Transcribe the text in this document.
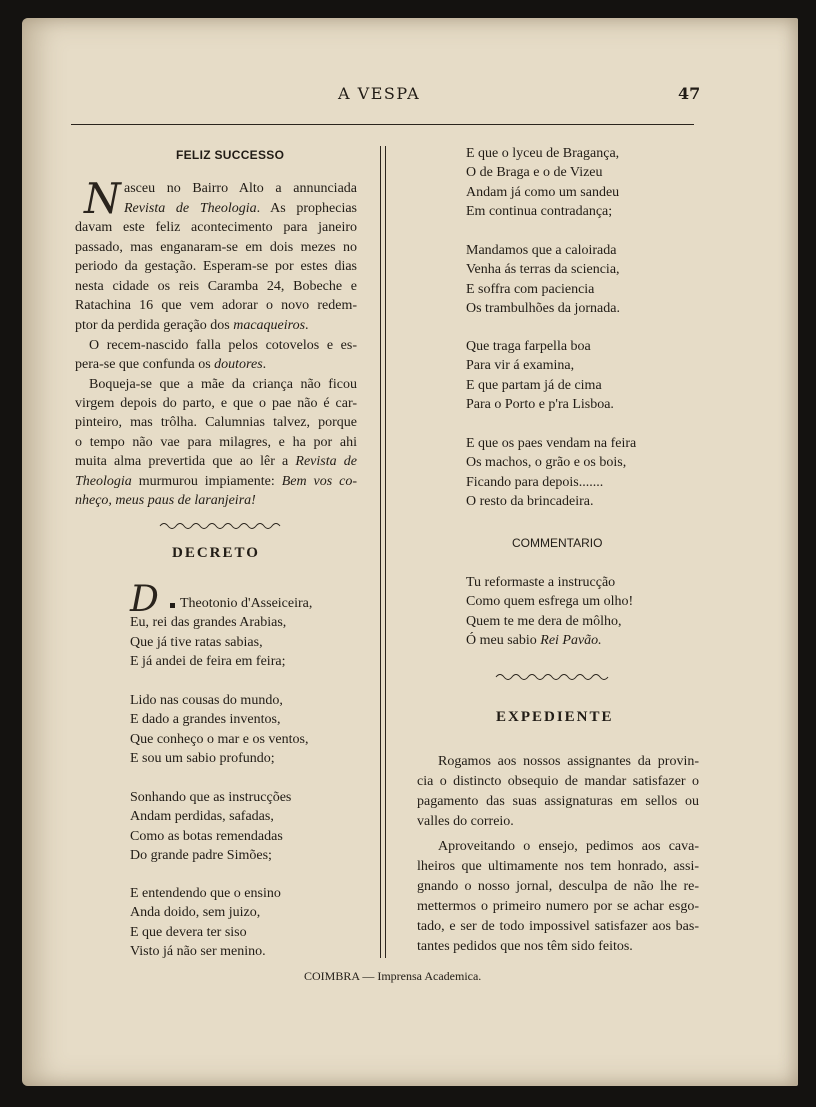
A VESPA	47
FELIZ SUCCESSO
N asceu no Bairro Alto a annunciada
Revista de Theologia. As prophecias
davam este feliz acontecimento para janeiro
passado, mas enganaram-se em dois mezes no
periodo da gestação. Esperam-se por estes dias
nesta cidade os reis Caramba 24, Bobeche e
Ratachina 16 que vem adorar o novo redem-
ptor da perdida geração dos macaqueiros.
O recem-nascido falla pelos cotovelos e es-
pera-se que confunda os doutores.
Boqueja-se que a mãe da criança não ficou
virgem depois do parto, e que o pae não é car-
pinteiro, mas trôlha. Calumnias talvez, porque
o tempo não vae para milagres, e ha por ahi
muita alma prevertida que ao lêr a Revista de
Theologia murmurou impiamente: Bem vos co-
nheço, meus paus de laranjeira!
DECRETO
D Theotonio d'Asseiceira,
Eu, rei das grandes Arabias,
Que já tive ratas sabias,
E já andei de feira em feira;
Lido nas cousas do mundo,
E dado a grandes inventos,
Que conheço o mar e os ventos,
E sou um sabio profundo;
Sonhando que as instrucções
Andam perdidas, safadas,
Como as botas remendadas
Do grande padre Simões;
E entendendo que o ensino
Anda doido, sem juizo,
E que devera ter siso
Visto já não ser menino.
E que o lyceu de Bragança,
O de Braga e o de Vizeu
Andam já como um sandeu
Em continua contradança;
Mandamos que a caloirada
Venha ás terras da sciencia,
E soffra com paciencia
Os trambulhões da jornada.
Que traga farpella boa
Para vir á examina,
E que partam já de cima
Para o Porto e p'ra Lisboa.
E que os paes vendam na feira
Os machos, o grão e os bois,
Ficando para depois.......
O resto da brincadeira.
COMMENTARIO
Tu reformaste a instrucção
Como quem esfrega um olho!
Quem te me dera de môlho,
Ó meu sabio Rei Pavão.
EXPEDIENTE
Rogamos aos nossos assignantes da provin-
cia o distincto obsequio de mandar satisfazer o
pagamento das suas assignaturas em sellos ou
valles do correio.
Aproveitando o ensejo, pedimos aos cava-
lheiros que ultimamente nos tem honrado, assi-
gnando o nosso jornal, desculpa de não lhe re-
mettermos o primeiro numero por se achar esgo-
tado, e ser de todo impossivel satisfazer aos bas-
tantes pedidos que nos têm sido feitos.
COIMBRA — Imprensa Academica.
